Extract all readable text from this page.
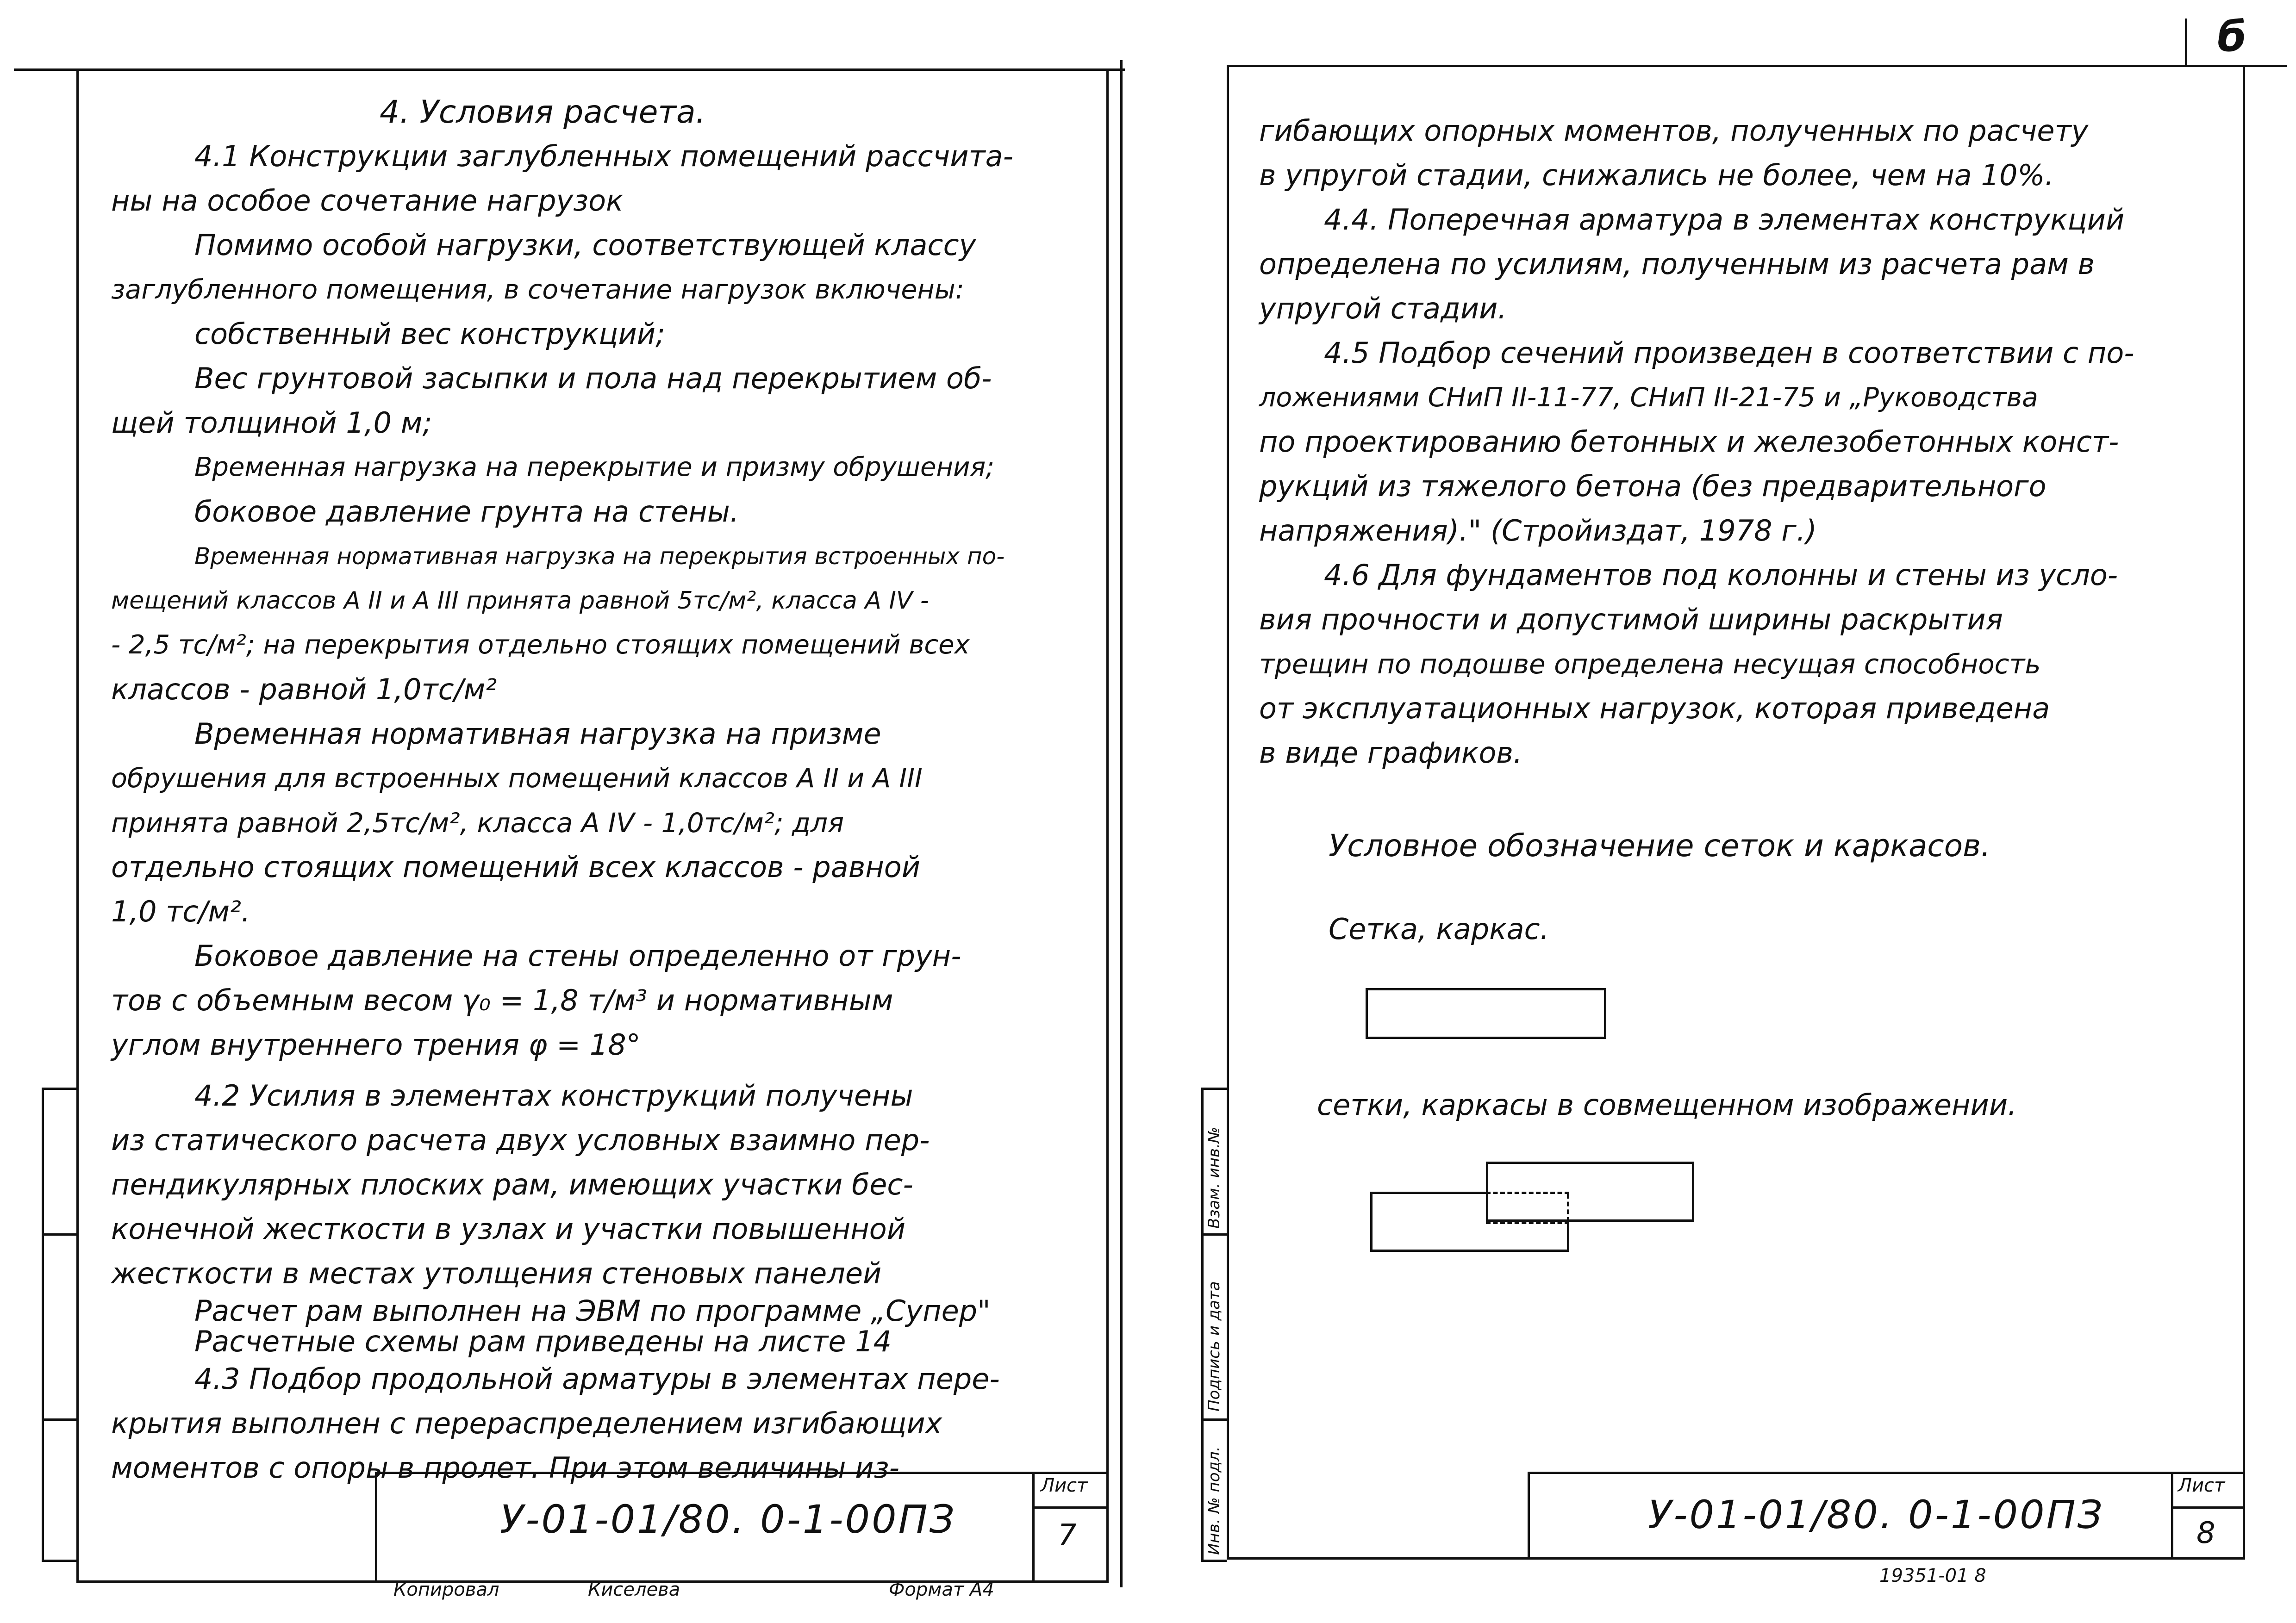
4. Условия расчета.

4.1 Конструкции заглубленных помещений рассчита-

ны на особое сочетание нагрузок

Помимо особой нагрузки, соответствующей классу

заглубленного помещения, в сочетание нагрузок включены:

собственный вес конструкций;

Вес грунтовой засыпки и пола над перекрытием об-

щей толщиной 1,0 м;

Временная нагрузка на перекрытие и призму обрушения;

боковое давление грунта на стены.

Временная нормативная нагрузка на перекрытия встроенных по-

мещений классов А II и А III принята равной 5тс/м², класса А IV -

- 2,5 тс/м²; на перекрытия отдельно стоящих помещений всех

классов - равной 1,0тс/м²

Временная нормативная нагрузка на призме

обрушения для встроенных помещений классов А II и А III

принята равной 2,5тс/м², класса А IV - 1,0тс/м²; для

отдельно стоящих помещений всех классов - равной

1,0 тс/м².

Боковое давление на стены определенно от грун-

тов с объемным весом γ₀ = 1,8 т/м³ и нормативным

углом внутреннего трения φ = 18°

4.2 Усилия в элементах конструкций получены

из статического расчета двух условных взаимно пер-

пендикулярных плоских рам, имеющих участки бес-

конечной жесткости в узлах и участки повышенной

жесткости в местах утолщения стеновых панелей

Расчет рам выполнен на ЭВМ по программе „Супер"

Расчетные схемы рам приведены на листе 14

4.3 Подбор продольной арматуры в элементах пере-

крытия выполнен с перераспределением изгибающих

моментов с опоры в пролет. При этом величины из-

У-01-01/80. 0-1-00ПЗ

Лист

7

Копировал	Киселева	Формат А4

б

Взам. инв.№
Подпись и дата
Инв. № подл.

гибающих опорных моментов, полученных по расчету

в упругой стадии, снижались не более, чем на 10%.

4.4. Поперечная арматура в элементах конструкций

определена по усилиям, полученным из расчета рам в

упругой стадии.

4.5 Подбор сечений произведен в соответствии с по-

ложениями СНиП II-11-77, СНиП II-21-75 и „Руководства

по проектированию бетонных и железобетонных конст-

рукций из тяжелого бетона (без предварительного

напряжения)." (Стройиздат, 1978 г.)

4.6 Для фундаментов под колонны и стены из усло-

вия прочности и допустимой ширины раскрытия

трещин по подошве определена несущая способность

от эксплуатационных нагрузок, которая приведена

в виде графиков.

Условное обозначение сеток и каркасов.

Сетка, каркас.

сетки, каркасы в совмещенном изображении.

У-01-01/80. 0-1-00ПЗ

Лист

8

19351-01 8
